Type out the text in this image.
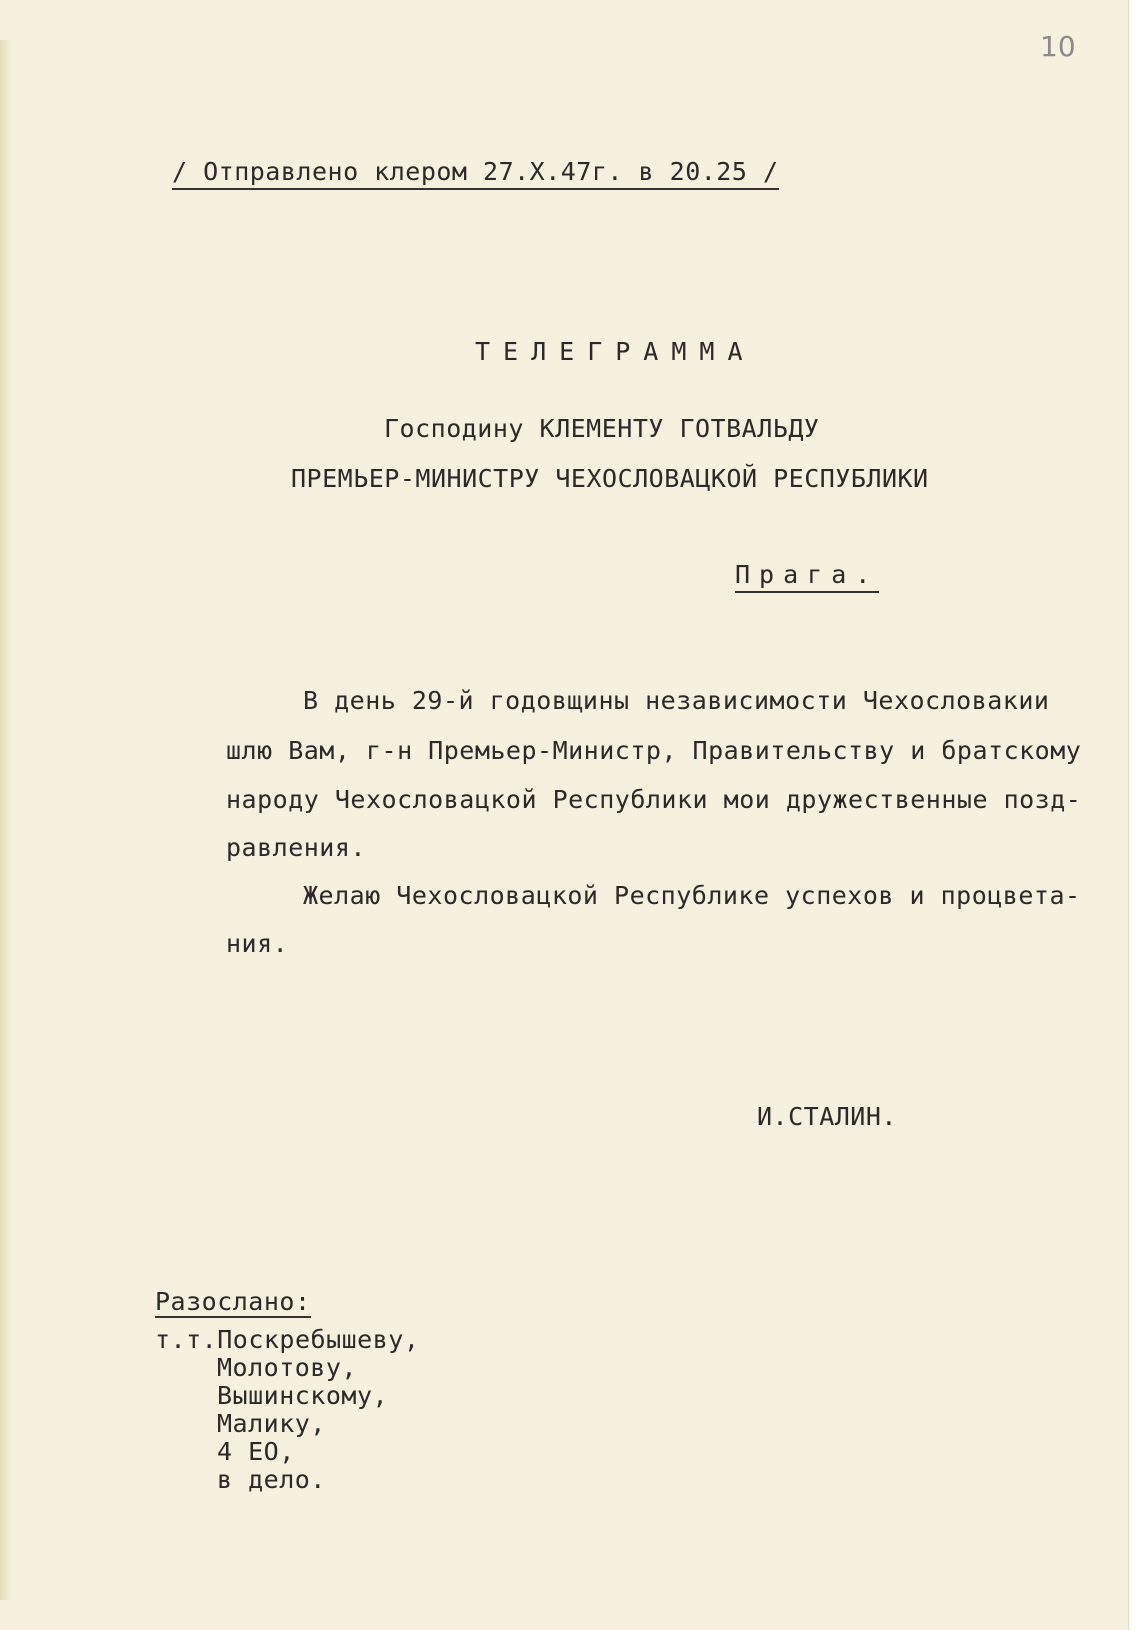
10
/ Отправлено клером 27.X.47г. в 20.25 /
ТЕЛЕГРАММА
Господину КЛЕМЕНТУ ГОТВАЛЬДУ
ПРЕМЬЕР-МИНИСТРУ ЧЕХОСЛОВАЦКОЙ РЕСПУБЛИКИ
Прага.
В день 29-й годовщины независимости Чехословакии
шлю Вам, г-н Премьер-Министр, Правительству и братскому
народу Чехословацкой Республики мои дружественные позд-
равления.
Желаю Чехословацкой Республике успехов и процвета-
ния.
И.СТАЛИН.
Разослано:
т.т.Поскребышеву,
Молотову,
Вышинскому,
Малику,
4 ЕО,
в дело.
